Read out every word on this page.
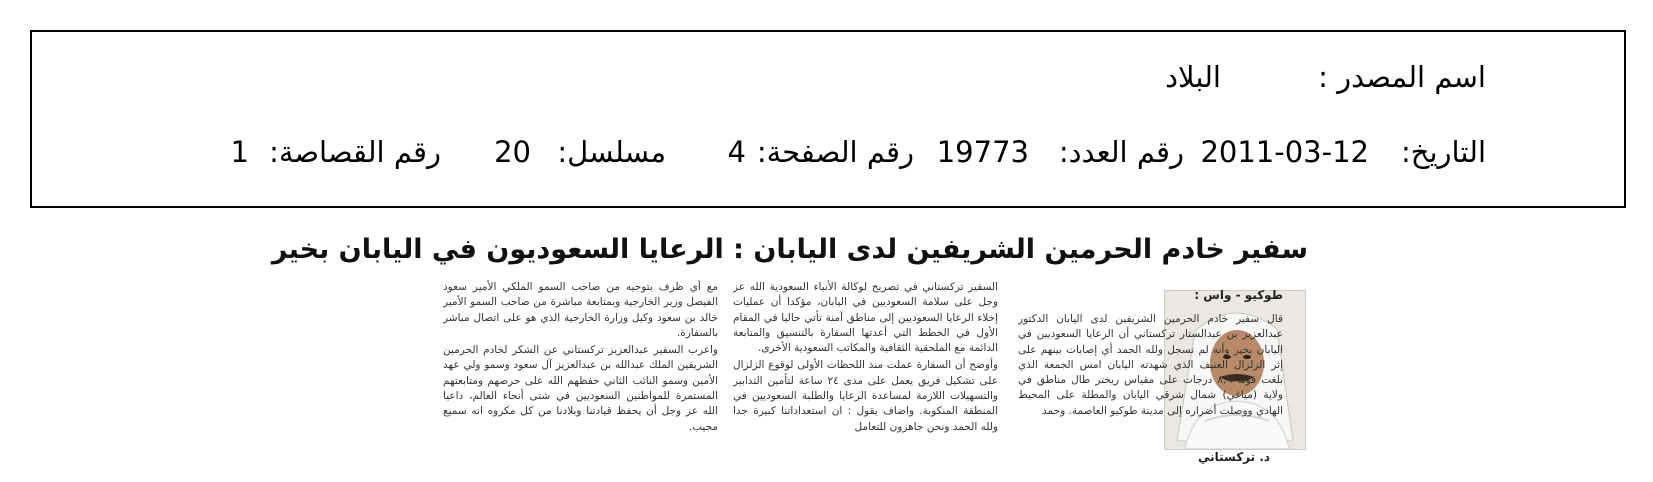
اسم المصدر :
البلاد
التاريخ:
2011-03-12
رقم العدد:
19773
رقم الصفحة:
4
مسلسل:
20
رقم القصاصة:
1
سفير خادم الحرمين الشريفين لدى اليابان : الرعايا السعوديون في اليابان بخير
د. تركستاني
طوكيو - واس :

قال سفير خادم الحرمين الشريفين لدى اليابان الدكتور عبدالعزيز بن عبدالستار تركستاني أن الرعايا السعوديين في اليابان بخير وأنه لم تسجل ولله الحمد أي إصابات بينهم على إثر الزلزال العنيف الذي شهدته اليابان امس الجمعة الذي بلغت قوته ٨,٩ درجات على مقياس ريختر طال مناطق في ولاية (مياغي) شمال شرقي اليابان والمطلة على المحيط الهادي ووصلت أضراره إلى مدينة طوكيو العاصمة. وحمد

السفير تركستاني في تصريح لوكالة الأنباء السعودية الله عز وجل على سلامة السعوديين في اليابان، مؤكدا أن عمليات إخلاء الرعايا السعوديين إلى مناطق آمنة تأتي حاليا في المقام الأول في الخطط التي أعدتها السفارة بالتنسيق والمتابعة الدائمة مع الملحقية الثقافية والمكاتب السعودية الأخرى.

وأوضح أن السفارة عملت منذ اللحظات الأولى لوقوع الزلزال على تشكيل فريق يعمل على مدى ٢٤ ساعة لتأمين التدابير والتسهيلات اللازمة لمساعدة الرعايا والطلبة السعوديين في المنطقة المنكوبة. واضاف يقول : ان استعداداتنا كبيرة جدا ولله الحمد ونحن جاهزون للتعامل

مع أي ظرف بتوجيه من صاحب السمو الملكي الأمير سعود الفيصل وزير الخارجية وبمتابعة مباشرة من صاحب السمو الأمير خالد بن سعود وكيل وزارة الخارجية الذي هو على اتصال مباشر بالسفارة.

واعرب السفير عبدالعزيز تركستاني عن الشكر لخادم الحرمين الشريفين الملك عبدالله بن عبدالعزيز آل سعود وسمو ولي عهد الأمين وسمو النائب الثاني حفظهم الله على حرصهم ومتابعتهم المستمرة للمواطنين السعوديين في شتى أنحاء العالم، داعيا الله عز وجل أن يحفظ قيادتنا وبلادنا من كل مكروه انه سميع مجيب.
